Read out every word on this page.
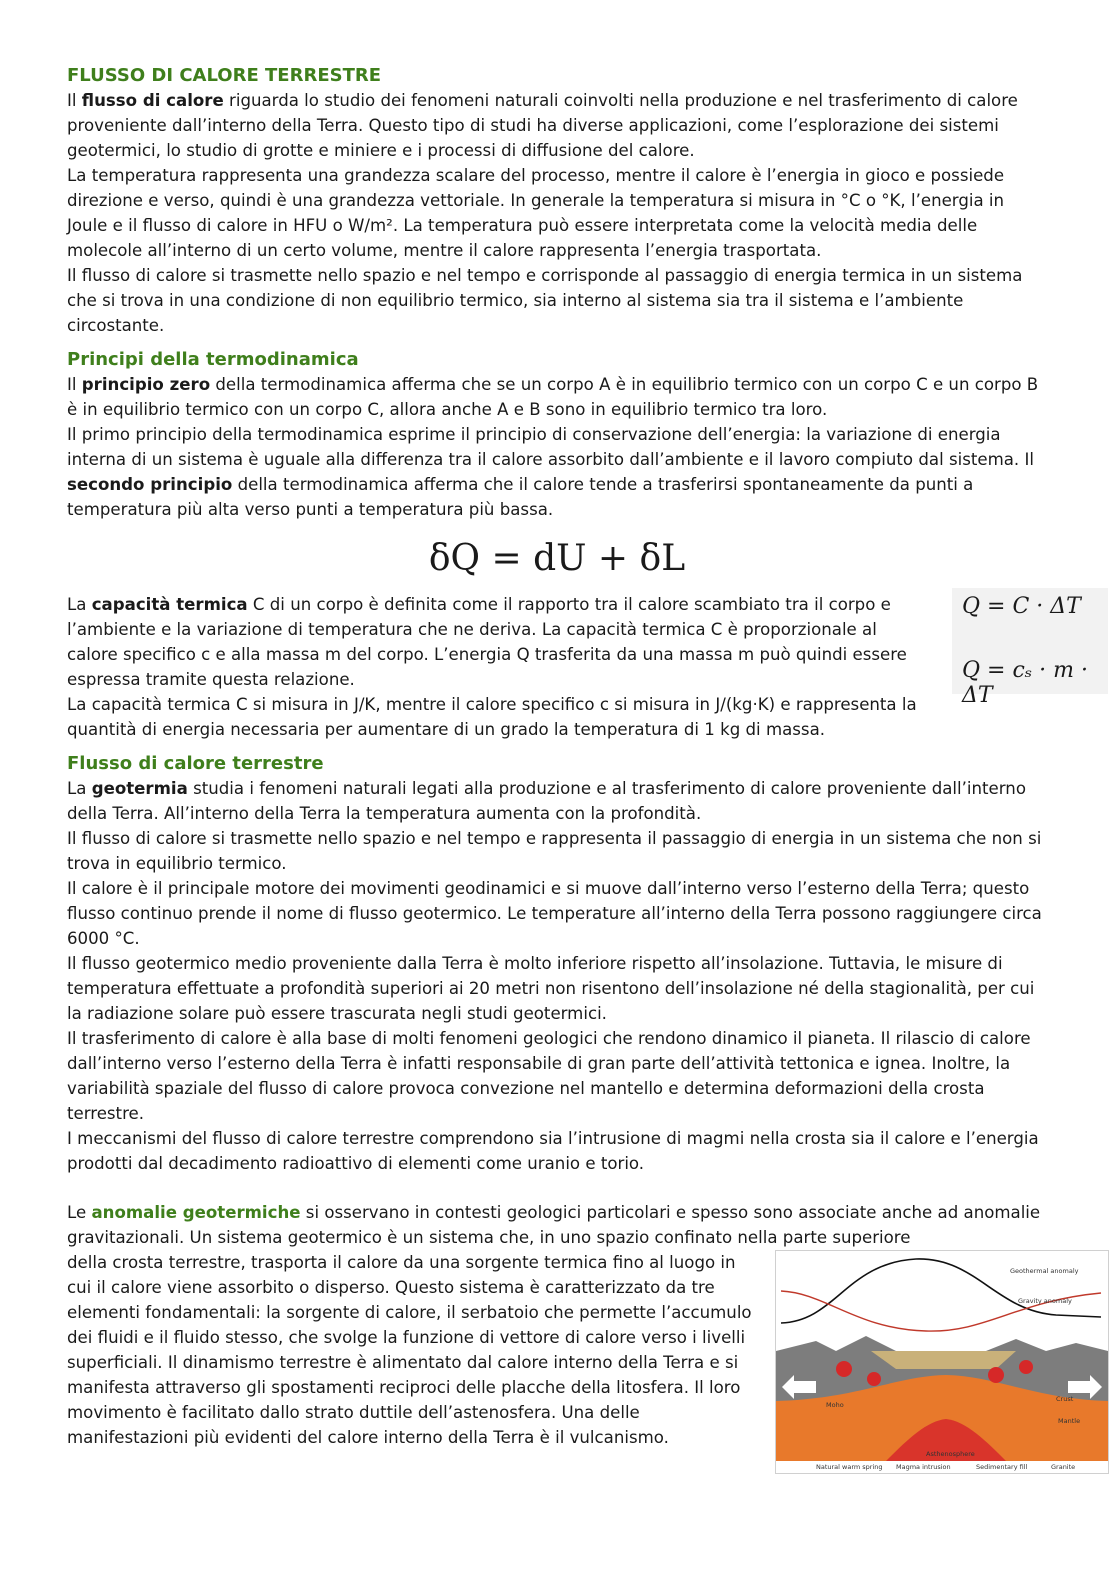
FLUSSO DI CALORE TERRESTRE

Il flusso di calore riguarda lo studio dei fenomeni naturali coinvolti nella produzione e nel trasferimento di calore proveniente dall’interno della Terra. Questo tipo di studi ha diverse applicazioni, come l’esplorazione dei sistemi geotermici, lo studio di grotte e miniere e i processi di diffusione del calore.

La temperatura rappresenta una grandezza scalare del processo, mentre il calore è l’energia in gioco e possiede direzione e verso, quindi è una grandezza vettoriale. In generale la temperatura si misura in °C o °K, l’energia in Joule e il flusso di calore in HFU o W/m². La temperatura può essere interpretata come la velocità media delle molecole all’interno di un certo volume, mentre il calore rappresenta l’energia trasportata.

Il flusso di calore si trasmette nello spazio e nel tempo e corrisponde al passaggio di energia termica in un sistema che si trova in una condizione di non equilibrio termico, sia interno al sistema sia tra il sistema e l’ambiente circostante.

Principi della termodinamica

Il principio zero della termodinamica afferma che se un corpo A è in equilibrio termico con un corpo C e un corpo B è in equilibrio termico con un corpo C, allora anche A e B sono in equilibrio termico tra loro.

Il primo principio della termodinamica esprime il principio di conservazione dell’energia: la variazione di energia interna di un sistema è uguale alla differenza tra il calore assorbito dall’ambiente e il lavoro compiuto dal sistema. Il secondo principio della termodinamica afferma che il calore tende a trasferirsi spontaneamente da punti a temperatura più alta verso punti a temperatura più bassa.

δQ = dU + δL

La capacità termica C di un corpo è definita come il rapporto tra il calore scambiato tra il corpo e l’ambiente e la variazione di temperatura che ne deriva. La capacità termica C è proporzionale al calore specifico c e alla massa m del corpo. L’energia Q trasferita da una massa m può quindi essere espressa tramite questa relazione.

La capacità termica C si misura in J/K, mentre il calore specifico c si misura in J/(kg·K) e rappresenta la quantità di energia necessaria per aumentare di un grado la temperatura di 1 kg di massa.

Q = C · ΔT
Q = cₛ · m · ΔT
Flusso di calore terrestre

La geotermia studia i fenomeni naturali legati alla produzione e al trasferimento di calore proveniente dall’interno della Terra. All’interno della Terra la temperatura aumenta con la profondità.

Il flusso di calore si trasmette nello spazio e nel tempo e rappresenta il passaggio di energia in un sistema che non si trova in equilibrio termico.

Il calore è il principale motore dei movimenti geodinamici e si muove dall’interno verso l’esterno della Terra; questo flusso continuo prende il nome di flusso geotermico. Le temperature all’interno della Terra possono raggiungere circa 6000 °C.

Il flusso geotermico medio proveniente dalla Terra è molto inferiore rispetto all’insolazione. Tuttavia, le misure di temperatura effettuate a profondità superiori ai 20 metri non risentono dell’insolazione né della stagionalità, per cui la radiazione solare può essere trascurata negli studi geotermici.

Il trasferimento di calore è alla base di molti fenomeni geologici che rendono dinamico il pianeta. Il rilascio di calore dall’interno verso l’esterno della Terra è infatti responsabile di gran parte dell’attività tettonica e ignea. Inoltre, la variabilità spaziale del flusso di calore provoca convezione nel mantello e determina deformazioni della crosta terrestre.

I meccanismi del flusso di calore terrestre comprendono sia l’intrusione di magmi nella crosta sia il calore e l’energia prodotti dal decadimento radioattivo di elementi come uranio e torio.

Le anomalie geotermiche si osservano in contesti geologici particolari e spesso sono associate anche ad anomalie gravitazionali. Un sistema geotermico è un sistema che, in uno spazio confinato nella parte superiore

della crosta terrestre, trasporta il calore da una sorgente termica fino al luogo in cui il calore viene assorbito o disperso. Questo sistema è caratterizzato da tre elementi fondamentali: la sorgente di calore, il serbatoio che permette l’accumulo dei fluidi e il fluido stesso, che svolge la funzione di vettore di calore verso i livelli superficiali. Il dinamismo terrestre è alimentato dal calore interno della Terra e si manifesta attraverso gli spostamenti reciproci delle placche della litosfera. Il loro movimento è facilitato dallo strato duttile dell’astenosfera. Una delle manifestazioni più evidenti del calore interno della Terra è il vulcanismo.

Geothermal anomaly
Gravity anomaly
Asthenosphere
Moho
Crust
Mantle
Natural warm spring Magma intrusion	Sedimentary fill	Granite
